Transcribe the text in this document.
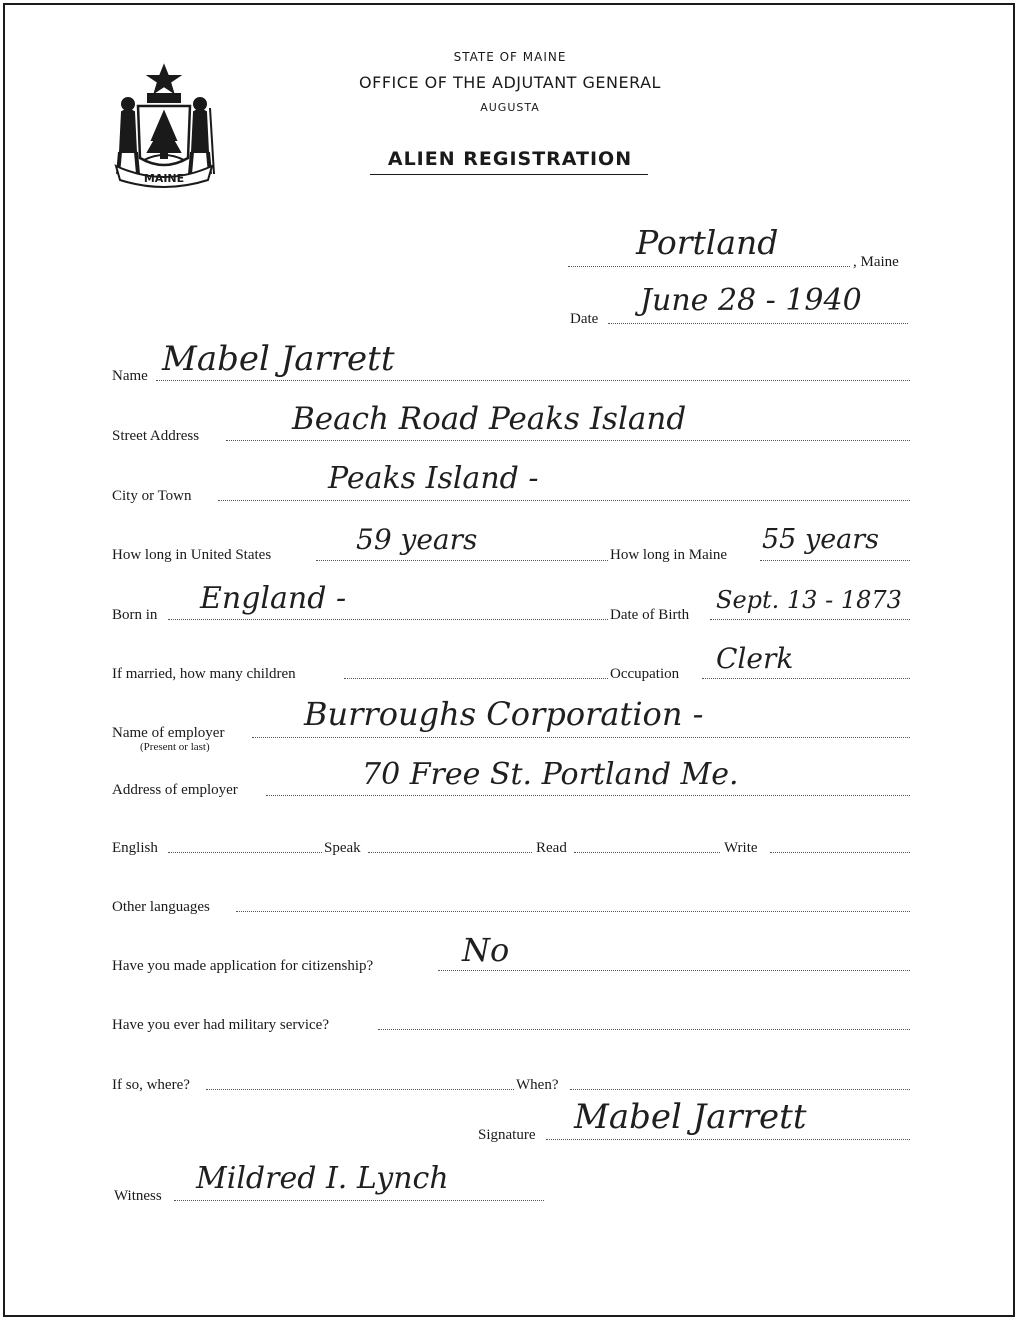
MAINE
STATE OF MAINE
OFFICE OF THE ADJUTANT GENERAL
AUGUSTA
ALIEN REGISTRATION
Portland	, Maine
Date
June 28 - 1940
Name Mabel Jarrett
Street Address	Beach Road Peaks Island
City or Town	Peaks Island -
How long in United States	59 years	How long in Maine 55 years
Born in England -	Date of Birth
Sept. 13 - 1873
If married, how many children	Occupation Clerk
Name of employer
(Present or last)
Burroughs Corporation -
Address of employer	70 Free St. Portland Me.
English	Speak	Read	Write
Other languages
Have you made application for citizenship?	No
Have you ever had military service?
If so, where?	When?
Signature Mabel Jarrett
Witness Mildred I. Lynch
